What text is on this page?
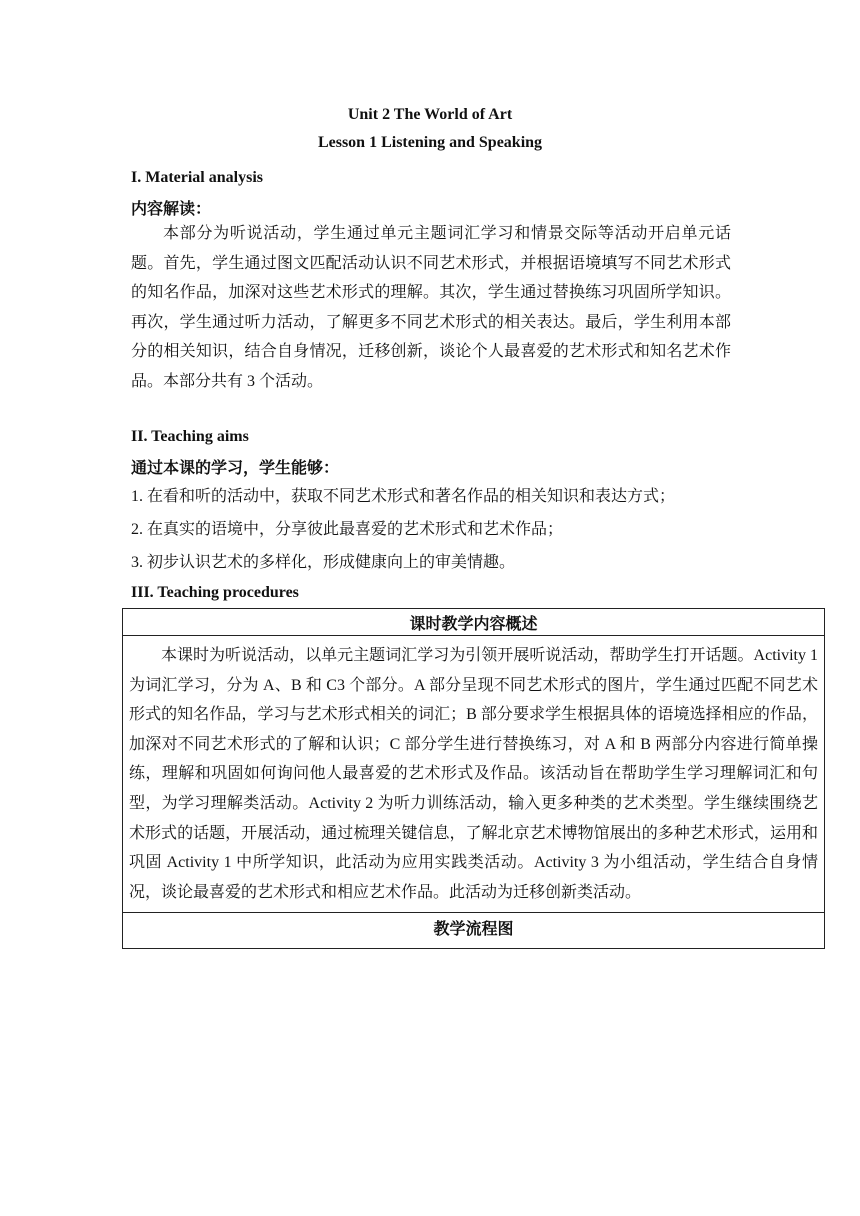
Unit 2 The World of Art
Lesson 1 Listening and Speaking
I. Material analysis
内容解读：
本部分为听说活动，学生通过单元主题词汇学习和情景交际等活动开启单元话题。首先，学生通过图文匹配活动认识不同艺术形式，并根据语境填写不同艺术形式的知名作品，加深对这些艺术形式的理解。其次，学生通过替换练习巩固所学知识。再次，学生通过听力活动，了解更多不同艺术形式的相关表达。最后，学生利用本部分的相关知识，结合自身情况，迁移创新，谈论个人最喜爱的艺术形式和知名艺术作品。本部分共有 3 个活动。
II. Teaching aims
通过本课的学习，学生能够：
1. 在看和听的活动中，获取不同艺术形式和著名作品的相关知识和表达方式；
2. 在真实的语境中，分享彼此最喜爱的艺术形式和艺术作品；
3. 初步认识艺术的多样化，形成健康向上的审美情趣。
III. Teaching procedures
课时教学内容概述
本课时为听说活动，以单元主题词汇学习为引领开展听说活动，帮助学生打开话题。Activity 1 为词汇学习，分为 A、B 和 C3 个部分。A 部分呈现不同艺术形式的图片，学生通过匹配不同艺术形式的知名作品，学习与艺术形式相关的词汇；B 部分要求学生根据具体的语境选择相应的作品，加深对不同艺术形式的了解和认识；C 部分学生进行替换练习，对 A 和 B 两部分内容进行简单操练，理解和巩固如何询问他人最喜爱的艺术形式及作品。该活动旨在帮助学生学习理解词汇和句型，为学习理解类活动。Activity 2 为听力训练活动，输入更多种类的艺术类型。学生继续围绕艺术形式的话题，开展活动，通过梳理关键信息，了解北京艺术博物馆展出的多种艺术形式，运用和巩固 Activity 1 中所学知识，此活动为应用实践类活动。Activity 3 为小组活动，学生结合自身情况，谈论最喜爱的艺术形式和相应艺术作品。此活动为迁移创新类活动。
教学流程图
